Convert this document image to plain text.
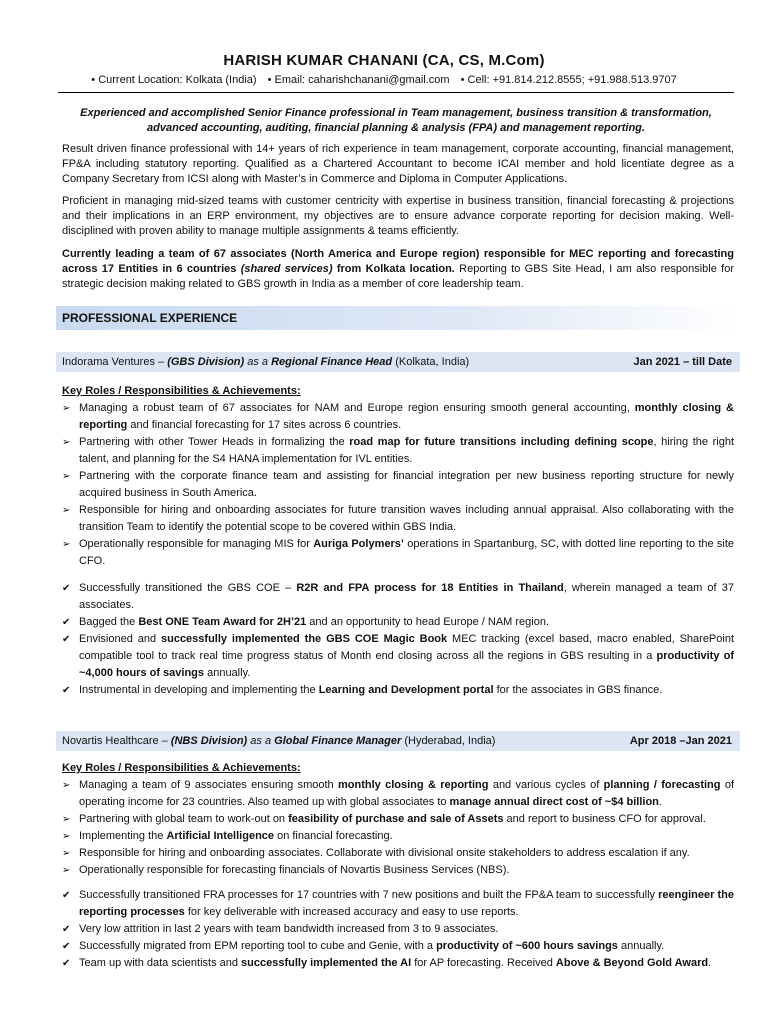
HARISH KUMAR CHANANI (CA, CS, M.Com)
• Current Location: Kolkata (India) • Email: caharishchanani@gmail.com • Cell: +91.814.212.8555; +91.988.513.9707
Experienced and accomplished Senior Finance professional in Team management, business transition & transformation, advanced accounting, auditing, financial planning & analysis (FPA) and management reporting.
Result driven finance professional with 14+ years of rich experience in team management, corporate accounting, financial management, FP&A including statutory reporting. Qualified as a Chartered Accountant to become ICAI member and hold licentiate degree as a Company Secretary from ICSI along with Master’s in Commerce and Diploma in Computer Applications.
Proficient in managing mid-sized teams with customer centricity with expertise in business transition, financial forecasting & projections and their implications in an ERP environment, my objectives are to ensure advance corporate reporting for decision making. Well-disciplined with proven ability to manage multiple assignments & teams efficiently.
Currently leading a team of 67 associates (North America and Europe region) responsible for MEC reporting and forecasting across 17 Entities in 6 countries (shared services) from Kolkata location. Reporting to GBS Site Head, I am also responsible for strategic decision making related to GBS growth in India as a member of core leadership team.
PROFESSIONAL EXPERIENCE
Indorama Ventures – (GBS Division) as a Regional Finance Head (Kolkata, India)	Jan 2021 – till Date
Key Roles / Responsibilities & Achievements:
➢ Managing a robust team of 67 associates for NAM and Europe region ensuring smooth general accounting, monthly closing & reporting and financial forecasting for 17 sites across 6 countries.
➢ Partnering with other Tower Heads in formalizing the road map for future transitions including defining scope, hiring the right talent, and planning for the S4 HANA implementation for IVL entities.
➢ Partnering with the corporate finance team and assisting for financial integration per new business reporting structure for newly acquired business in South America.
➢ Responsible for hiring and onboarding associates for future transition waves including annual appraisal. Also collaborating with the transition Team to identify the potential scope to be covered within GBS India.
➢ Operationally responsible for managing MIS for Auriga Polymers’ operations in Spartanburg, SC, with dotted line reporting to the site CFO.
✔ Successfully transitioned the GBS COE – R2R and FPA process for 18 Entities in Thailand, wherein managed a team of 37 associates.
✔ Bagged the Best ONE Team Award for 2H’21 and an opportunity to head Europe / NAM region.
✔ Envisioned and successfully implemented the GBS COE Magic Book MEC tracking (excel based, macro enabled, SharePoint compatible tool to track real time progress status of Month end closing across all the regions in GBS resulting in a productivity of ~4,000 hours of savings annually.
✔ Instrumental in developing and implementing the Learning and Development portal for the associates in GBS finance.
Novartis Healthcare – (NBS Division) as a Global Finance Manager (Hyderabad, India)	Apr 2018 –Jan 2021
Key Roles / Responsibilities & Achievements:
➢ Managing a team of 9 associates ensuring smooth monthly closing & reporting and various cycles of planning / forecasting of operating income for 23 countries. Also teamed up with global associates to manage annual direct cost of ~$4 billion.
➢ Partnering with global team to work-out on feasibility of purchase and sale of Assets and report to business CFO for approval.
➢ Implementing the Artificial Intelligence on financial forecasting.
➢ Responsible for hiring and onboarding associates. Collaborate with divisional onsite stakeholders to address escalation if any.
➢ Operationally responsible for forecasting financials of Novartis Business Services (NBS).
✔ Successfully transitioned FRA processes for 17 countries with 7 new positions and built the FP&A team to successfully reengineer the reporting processes for key deliverable with increased accuracy and easy to use reports.
✔ Very low attrition in last 2 years with team bandwidth increased from 3 to 9 associates.
✔ Successfully migrated from EPM reporting tool to cube and Genie, with a productivity of ~600 hours savings annually.
✔ Team up with data scientists and successfully implemented the AI for AP forecasting. Received Above & Beyond Gold Award.
